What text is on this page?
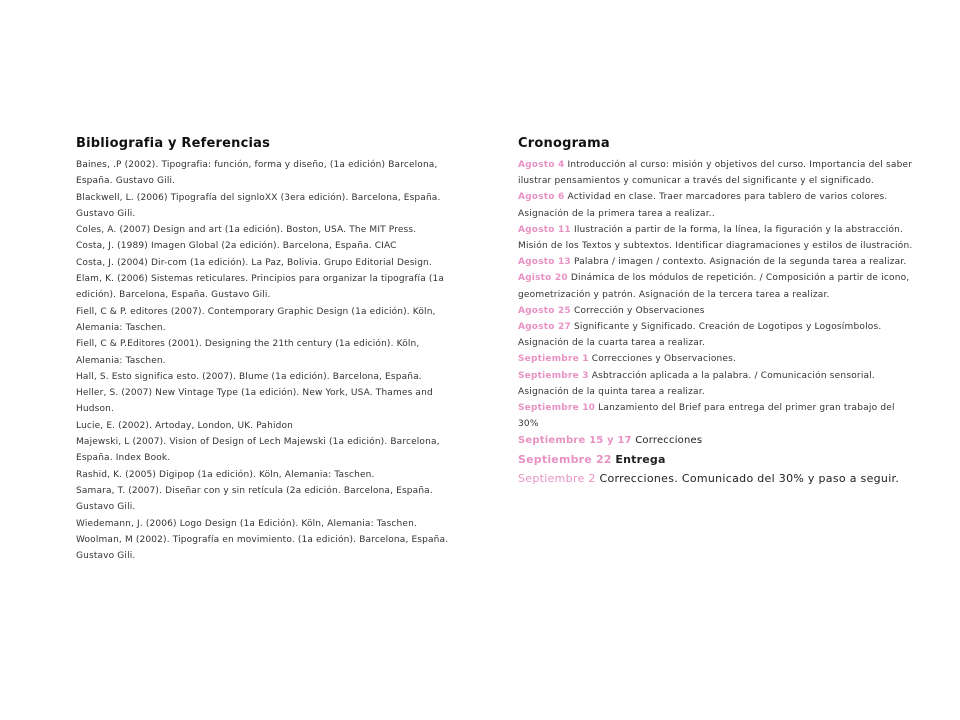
Bibliografia y Referencias

Baines, .P (2002). Tipografia: función, forma y diseño, (1a edición) Barcelona, España. Gustavo Gili.

Blackwell, L. (2006) Tipografía del signloXX (3era edición). Barcelona, España. Gustavo Gili.

Coles, A. (2007) Design and art (1a edición). Boston, USA. The MIT Press.

Costa, J. (1989) Imagen Global (2a edición). Barcelona, España. CIAC

Costa, J. (2004) Dir-com (1a edición). La Paz, Bolivia. Grupo Editorial Design.

Elam, K. (2006) Sistemas reticulares. Principios para organizar la tipografía (1a edición). Barcelona, España. Gustavo Gili.

Fiell, C & P. editores (2007). Contemporary Graphic Design (1a edición). Köln, Alemania: Taschen.

Fiell, C & P.Editores (2001). Designing the 21th century (1a edición). Köln, Alemania: Taschen.

Hall, S. Esto significa esto. (2007). Blume (1a edición). Barcelona, España.

Heller, S. (2007) New Vintage Type (1a edición). New York, USA. Thames and Hudson.

Lucie, E. (2002). Artoday, London, UK. Pahidon

Majewski, L (2007). Vision of Design of Lech Majewski (1a edición). Barcelona, España. Index Book.

Rashid, K. (2005) Digipop (1a edición). Köln, Alemania: Taschen.

Samara, T. (2007). Diseñar con y sin retícula (2a edición. Barcelona, España. Gustavo Gili.

Wiedemann, J. (2006) Logo Design (1a Edición). Köln, Alemania: Taschen.

Woolman, M (2002). Tipografía en movimiento. (1a edición). Barcelona, España. Gustavo Gili.

Cronograma

Agosto 4 Introducción al curso: misión y objetivos del curso. Importancia del saber ilustrar pensamientos y comunicar a través del significante y el significado.

Agosto 6 Actividad en clase. Traer marcadores para tablero de varios colores. Asignación de la primera tarea a realizar..

Agosto 11 Ilustración a partir de la forma, la línea, la figuración y la abstracción. Misión de los Textos y subtextos. Identificar diagramaciones y estilos de ilustración.

Agosto 13 Palabra / imagen / contexto. Asignación de la segunda tarea a realizar.

Agisto 20 Dinámica de los módulos de repetición. / Composición a partir de icono, geometrización y patrón. Asignación de la tercera tarea a realizar.

Agosto 25 Corrección y Observaciones

Agosto 27 Significante y Significado. Creación de Logotipos y Logosímbolos. Asignación de la cuarta tarea a realizar.

Septiembre 1 Correcciones y Observaciones.

Septiembre 3 Asbtracción aplicada a la palabra. / Comunicación sensorial. Asignación de la quinta tarea a realizar.

Septiembre 10 Lanzamiento del Brief para entrega del primer gran trabajo del 30%

Septiembre 15 y 17 Correcciones

Septiembre 22 Entrega

Septiembre 2 Correcciones. Comunicado del 30% y paso a seguir.
